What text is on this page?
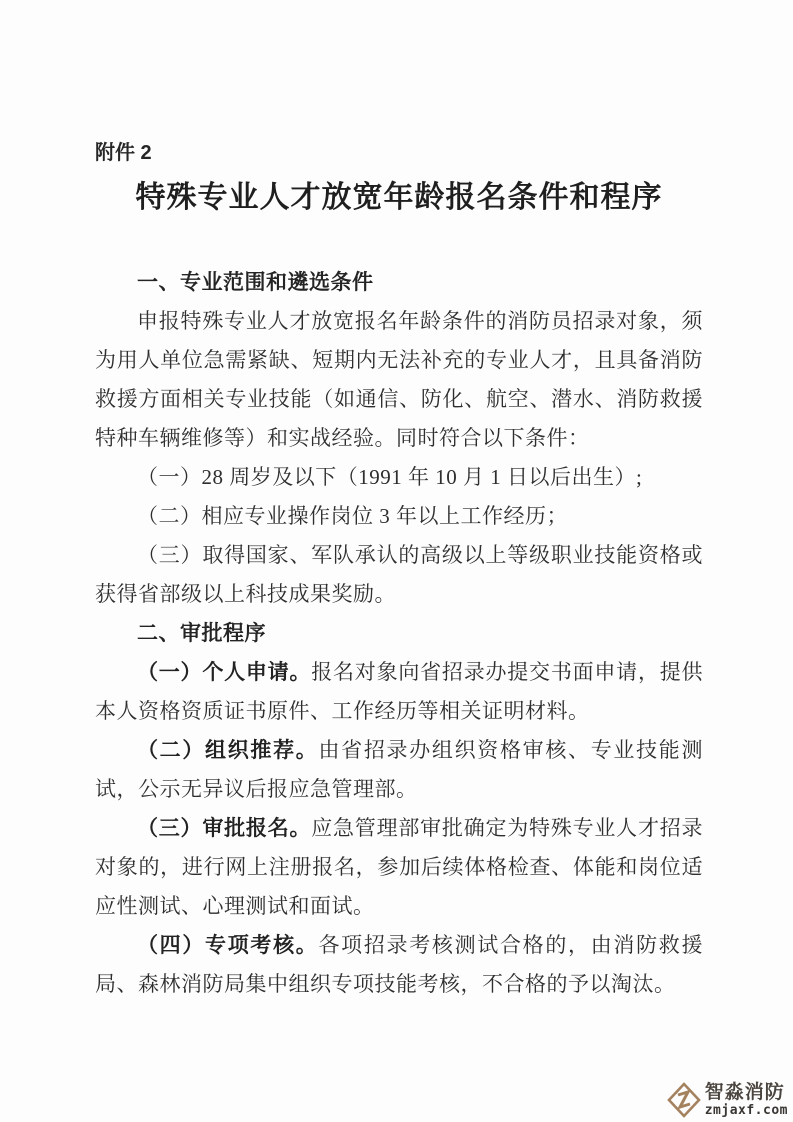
附件 2
特殊专业人才放宽年龄报名条件和程序
一、专业范围和遴选条件

申报特殊专业人才放宽报名年龄条件的消防员招录对象，须为用人单位急需紧缺、短期内无法补充的专业人才，且具备消防救援方面相关专业技能（如通信、防化、航空、潜水、消防救援特种车辆维修等）和实战经验。同时符合以下条件：

（一）28 周岁及以下（1991 年 10 月 1 日以后出生）;

（二）相应专业操作岗位 3 年以上工作经历；

（三）取得国家、军队承认的高级以上等级职业技能资格或获得省部级以上科技成果奖励。

二、审批程序

（一）个人申请。报名对象向省招录办提交书面申请，提供本人资格资质证书原件、工作经历等相关证明材料。

（二）组织推荐。由省招录办组织资格审核、专业技能测试，公示无异议后报应急管理部。

（三）审批报名。应急管理部审批确定为特殊专业人才招录对象的，进行网上注册报名，参加后续体格检查、体能和岗位适应性测试、心理测试和面试。

（四）专项考核。各项招录考核测试合格的，由消防救援局、森林消防局集中组织专项技能考核，不合格的予以淘汰。

智淼消防
zmjaxf.com
